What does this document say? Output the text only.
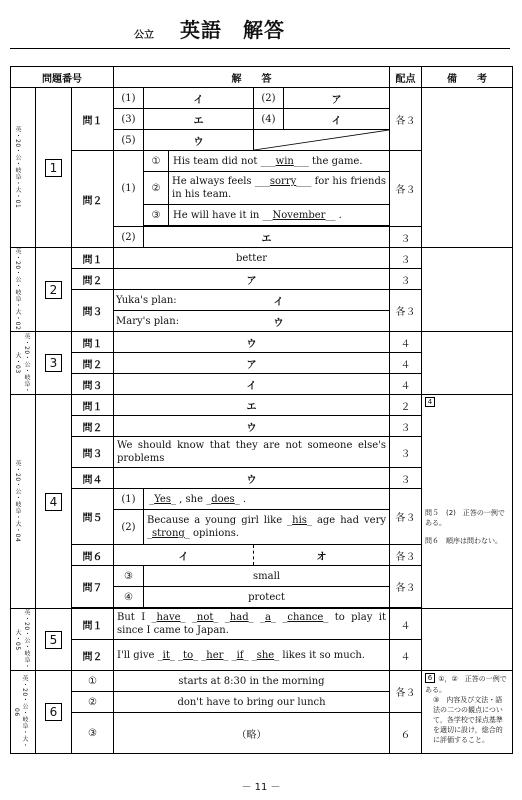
公立 英語　解答
問題番号	解　　答	配点	備　　考

英・20・公・岐阜・大・01	1	問１	(1)	イ	(2)	ア	各３	
(3)	エ	(4)	イ
(5)	ウ	

問２	(1)	
①	His team did not ___win___ the game.
	各３

②	He always feels ___sorry___ for his friends in his team.

③	He will have it in __November__ .

(2)	エ	３

英・20・公・岐阜・大・02	2	問１	better	３	
問２	ア	３
問３	Yuka's plan:	イ	各３
Mary's plan:	ウ

英・20・公・岐阜・大・03	3	問１	ウ	４	
問２	ア	４
問３	イ	４

英・20・公・岐阜・大・04	4	問１	エ	２	4
問５　(2)　正答の一例である。
問６　順序は問わない。

問２	ウ	３
問３	We should know that they are not someone else's problems	３
問４	ウ	３
問５	(1)	_Yes_ , she _does_ .	各３
(2)	Because a young girl like _his_ age had very _strong_ opinions.
問６	イ	オ	各３
問７	③	small	各３
④	protect

英・20・公・岐阜・大・05	5	問１	But I _have_ _not_ _had_ _a_ _chance_ to play it since I came to Japan.	４	
問２	I'll give _it_ _to_ _her_ _if_ _she_ likes it so much.	４

英・20・公・岐阜・大・06	6	①	starts at 8:30 in the morning	各３	6 ①，②　正答の一例である。
③　内容及び文法・語法の二つの観点について，各学校で採点基準を適切に設け，総合的に評価すること。

②	don't have to bring our lunch
③	（略）	６
－ 11 －
